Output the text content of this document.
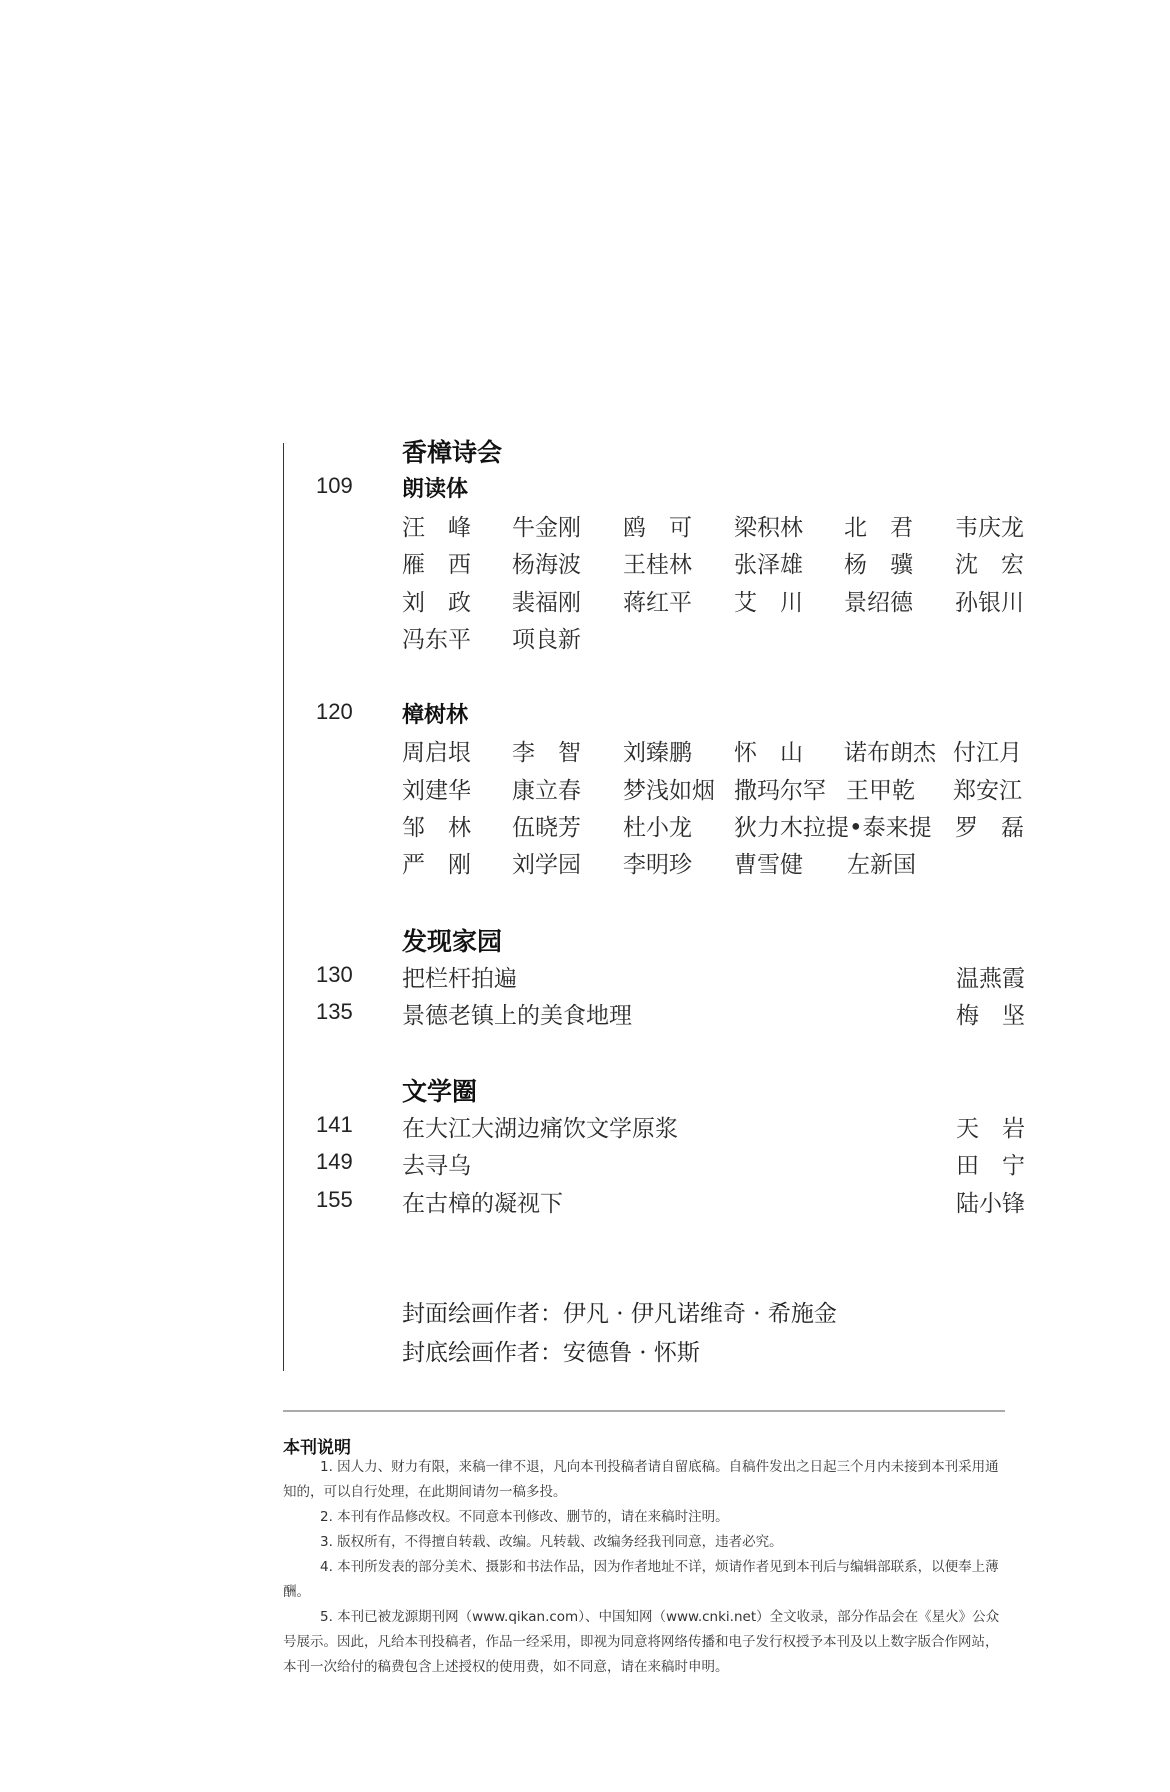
香樟诗会
109 朗读体
汪　峰 牛金刚 鸥　可 梁积林 北　君 韦庆龙
雁　西 杨海波 王桂林 张泽雄 杨　骥 沈　宏
刘　政 裴福刚 蒋红平 艾　川 景绍德 孙银川
冯东平 项良新
120 樟树林
周启垠 李　智 刘臻鹏 怀　山 诺布朗杰 付江月
刘建华 康立春 梦浅如烟 撒玛尔罕 王甲乾 郑安江
邹　林 伍晓芳 杜小龙 狄力木拉提•泰来提 罗　磊
严　刚 刘学园 李明珍 曹雪健 左新国
发现家园
130 把栏杆拍遍	温燕霞
135 景德老镇上的美食地理	梅　坚
文学圈
141 在大江大湖边痛饮文学原浆	天　岩
149 去寻乌	田　宁
155 在古樟的凝视下	陆小锋
封面绘画作者：伊凡 · 伊凡诺维奇 · 希施金
封底绘画作者：安德鲁 · 怀斯
本刊说明

1. 因人力、财力有限，来稿一律不退，凡向本刊投稿者请自留底稿。自稿件发出之日起三个月内未接到本刊采用通知的，可以自行处理，在此期间请勿一稿多投。

2. 本刊有作品修改权。不同意本刊修改、删节的，请在来稿时注明。

3. 版权所有，不得擅自转载、改编。凡转载、改编务经我刊同意，违者必究。

4. 本刊所发表的部分美术、摄影和书法作品，因为作者地址不详，烦请作者见到本刊后与编辑部联系，以便奉上薄酬。

5. 本刊已被龙源期刊网（www.qikan.com）、中国知网（www.cnki.net）全文收录，部分作品会在《星火》公众号展示。因此，凡给本刊投稿者，作品一经采用，即视为同意将网络传播和电子发行权授予本刊及以上数字版合作网站，本刊一次给付的稿费包含上述授权的使用费，如不同意，请在来稿时申明。
